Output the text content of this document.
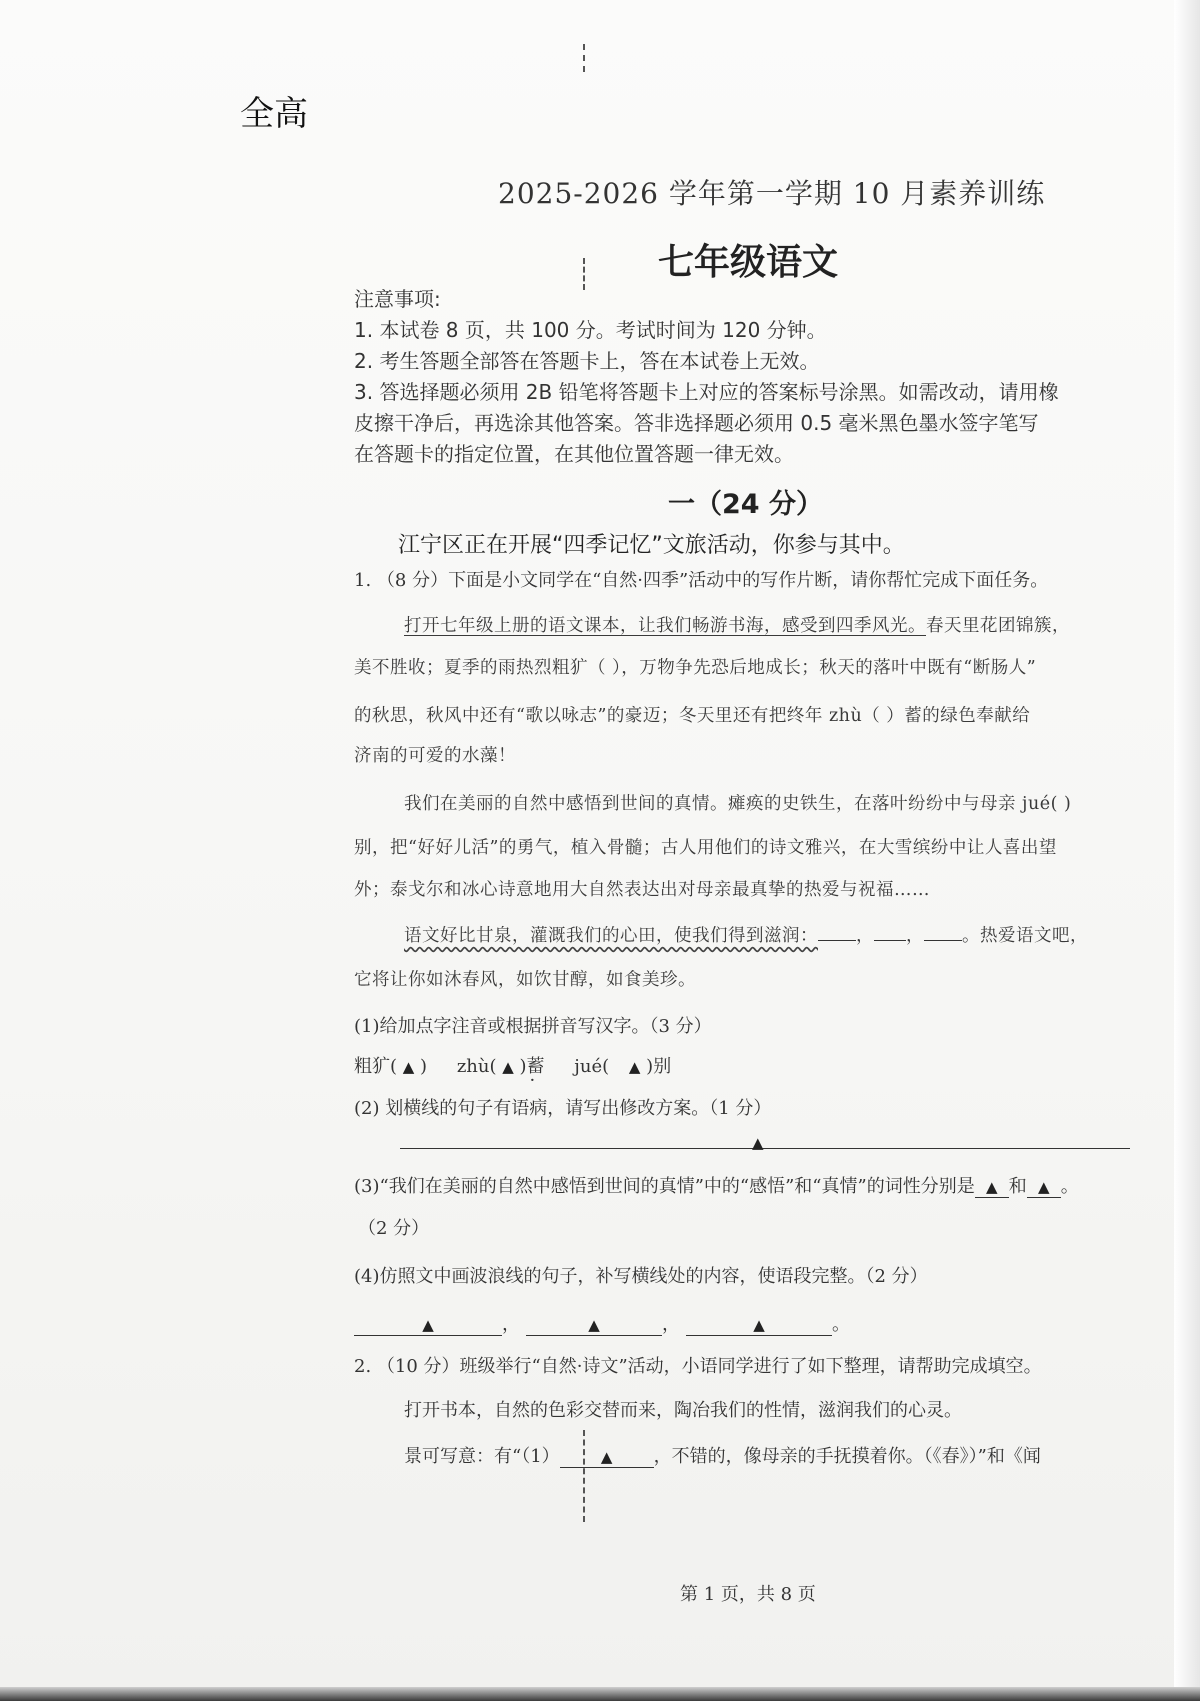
全高
2025-2026 学年第一学期 10 月素养训练
七年级语文

注意事项:

1. 本试卷 8 页，共 100 分。考试时间为 120 分钟。

2. 考生答题全部答在答题卡上，答在本试卷上无效。

3. 答选择题必须用 2B 铅笔将答题卡上对应的答案标号涂黑。如需改动，请用橡

皮擦干净后，再选涂其他答案。答非选择题必须用 0.5 毫米黑色墨水签字笔写

在答题卡的指定位置，在其他位置答题一律无效。

一（24 分）
江宁区正在开展“四季记忆”文旅活动，你参与其中。
1. （8 分）下面是小文同学在“自然·四季”活动中的写作片断，请你帮忙完成下面任务。
打开七年级上册的语文课本，让我们畅游书海，感受到四季风光。春天里花团锦簇，
美不胜收；夏季的雨热烈粗犷（ ），万物争先恐后地成长；秋天的落叶中既有“断肠人”
的秋思，秋风中还有“歌以咏志”的豪迈；冬天里还有把终年 zhù（ ）蓄的绿色奉献给
济南的可爱的水藻！
我们在美丽的自然中感悟到世间的真情。瘫痪的史铁生，在落叶纷纷中与母亲 jué( )
别，把“好好儿活”的勇气，植入骨髓；古人用他们的诗文雅兴，在大雪缤纷中让人喜出望
外；泰戈尔和冰心诗意地用大自然表达出对母亲最真挚的热爱与祝福……
语文好比甘泉，灌溉我们的心田，使我们得到滋润： ， ， 。热爱语文吧，
它将让你如沐春风，如饮甘醇，如食美珍。
(1)给加点字注音或根据拼音写汉字。（3 分）
粗犷( ▲ ) zhù( ▲ )蓄 · jué( ▲ )别
(2) 划横线的句子有语病，请写出修改方案。（1 分）
(3)“我们在美丽的自然中感悟到世间的真情”中的“感悟”和“真情”的词性分别是 ▲ 和 ▲ 。
（2 分）
(4)仿照文中画波浪线的句子，补写横线处的内容，使语段完整。（2 分）
▲	，	▲	，	▲	。
▲
2. （10 分）班级举行“自然·诗文”活动，小语同学进行了如下整理，请帮助完成填空。
打开书本，自然的色彩交替而来，陶冶我们的性情，滋润我们的心灵。
景可写意：有“（1）	▲ ，不错的，像母亲的手抚摸着你。（《春》）”和《闻
第 1 页，共 8 页
